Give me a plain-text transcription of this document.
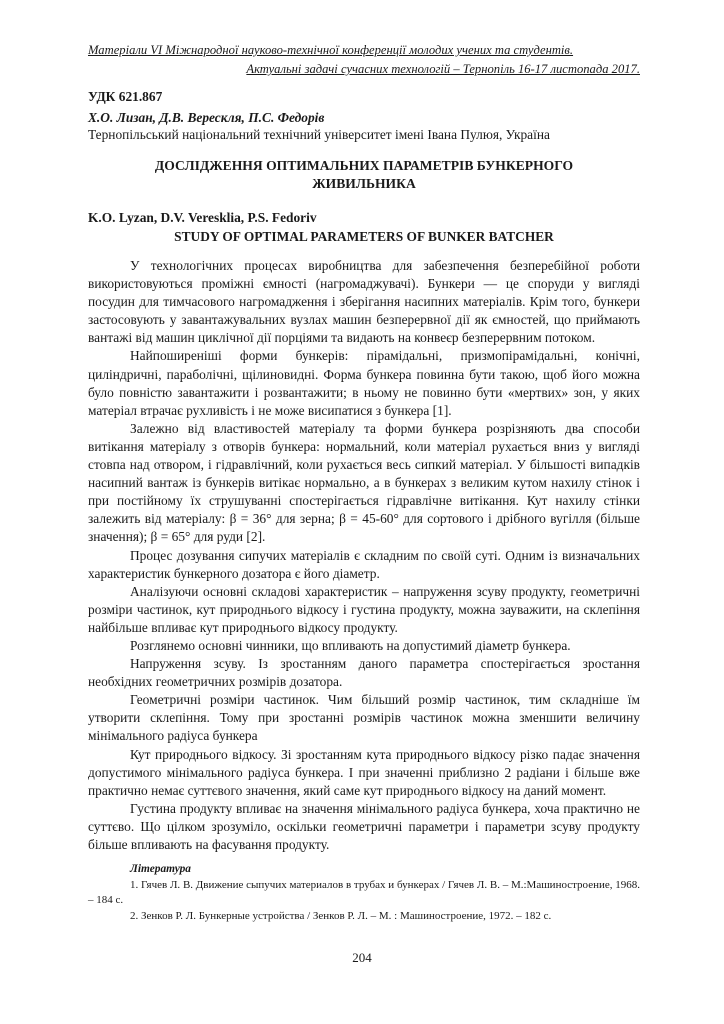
Матеріали VI Міжнародної науково-технічної конференції молодих учених та студентів.
Актуальні задачі сучасних технологій – Тернопіль 16-17 листопада 2017.
УДК 621.867
Х.О. Лизан, Д.В. Верескля, П.С. Федорів
Тернопільський національний технічний університет імені Івана Пулюя, Україна
ДОСЛІДЖЕННЯ ОПТИМАЛЬНИХ ПАРАМЕТРІВ БУНКЕРНОГО
ЖИВИЛЬНИКА
K.O. Lyzan, D.V. Veresklia, P.S. Fedoriv
STUDY OF OPTIMAL PARAMETERS OF BUNKER BATCHER

У технологічних процесах виробництва для забезпечення безперебійної роботи використовуються проміжні ємності (нагромаджувачі). Бункери — це споруди у вигляді посудин для тимчасового нагромадження і зберігання насипних матеріалів. Крім того, бункери застосовують у завантажувальних вузлах машин безперервної дії як ємностей, що приймають вантажі від машин циклічної дії порціями та видають на конвеєр безперервним потоком.

Найпоширеніші форми бункерів: пірамідальні, призмопірамідальні, конічні, циліндричні, параболічні, щілиновидні. Форма бункера повинна бути такою, щоб його можна було повністю завантажити і розвантажити; в ньому не повинно бути «мертвих» зон, у яких матеріал втрачає рухливість і не може висипатися з бункера [1].

Залежно від властивостей матеріалу та форми бункера розрізняють два способи витікання матеріалу з отворів бункера: нормальний, коли матеріал рухається вниз у вигляді стовпа над отвором, і гідравлічний, коли рухається весь сипкий матеріал. У більшості випадків насипний вантаж із бункерів витікає нормально, а в бункерах з великим кутом нахилу стінок і при постійному їх струшуванні спостерігається гідравлічне витікання. Кут нахилу стінки залежить від матеріалу: β = 36° для зерна; β = 45-60° для сортового і дрібного вугілля (більше значення); β = 65° для руди [2].

Процес дозування сипучих матеріалів є складним по своїй суті. Одним із визначальних характеристик бункерного дозатора є його діаметр.

Аналізуючи основні складові характеристик – напруження зсуву продукту, геометричні розміри частинок, кут природнього відкосу і густина продукту, можна зауважити, на склепіння найбільше впливає кут природнього відкосу продукту.

Розглянемо основні чинники, що впливають на допустимий діаметр бункера.

Напруження зсуву. Із зростанням даного параметра спостерігається зростання необхідних геометричних розмірів дозатора.

Геометричні розміри частинок. Чим більший розмір частинок, тим складніше їм утворити склепіння. Тому при зростанні розмірів частинок можна зменшити величину мінімального радіуса бункера

Кут природнього відкосу. Зі зростанням кута природнього відкосу різко падає значення допустимого мінімального радіуса бункера. І при значенні приблизно 2 радіани і більше вже практично немає суттєвого значення, який саме кут природнього відкосу на даний момент.

Густина продукту впливає на значення мінімального радіуса бункера, хоча практично не суттєво. Що цілком зрозуміло, оскільки геометричні параметри і параметри зсуву продукту більше впливають на фасування продукту.

Література
1. Гячев Л. В. Движение сыпучих материалов в трубах и бункерах / Гячев Л. В. – М.:Машиностроение, 1968. – 184 с.
2. Зенков Р. Л. Бункерные устройства / Зенков Р. Л. – М. : Машиностроение, 1972. – 182 с.
204
